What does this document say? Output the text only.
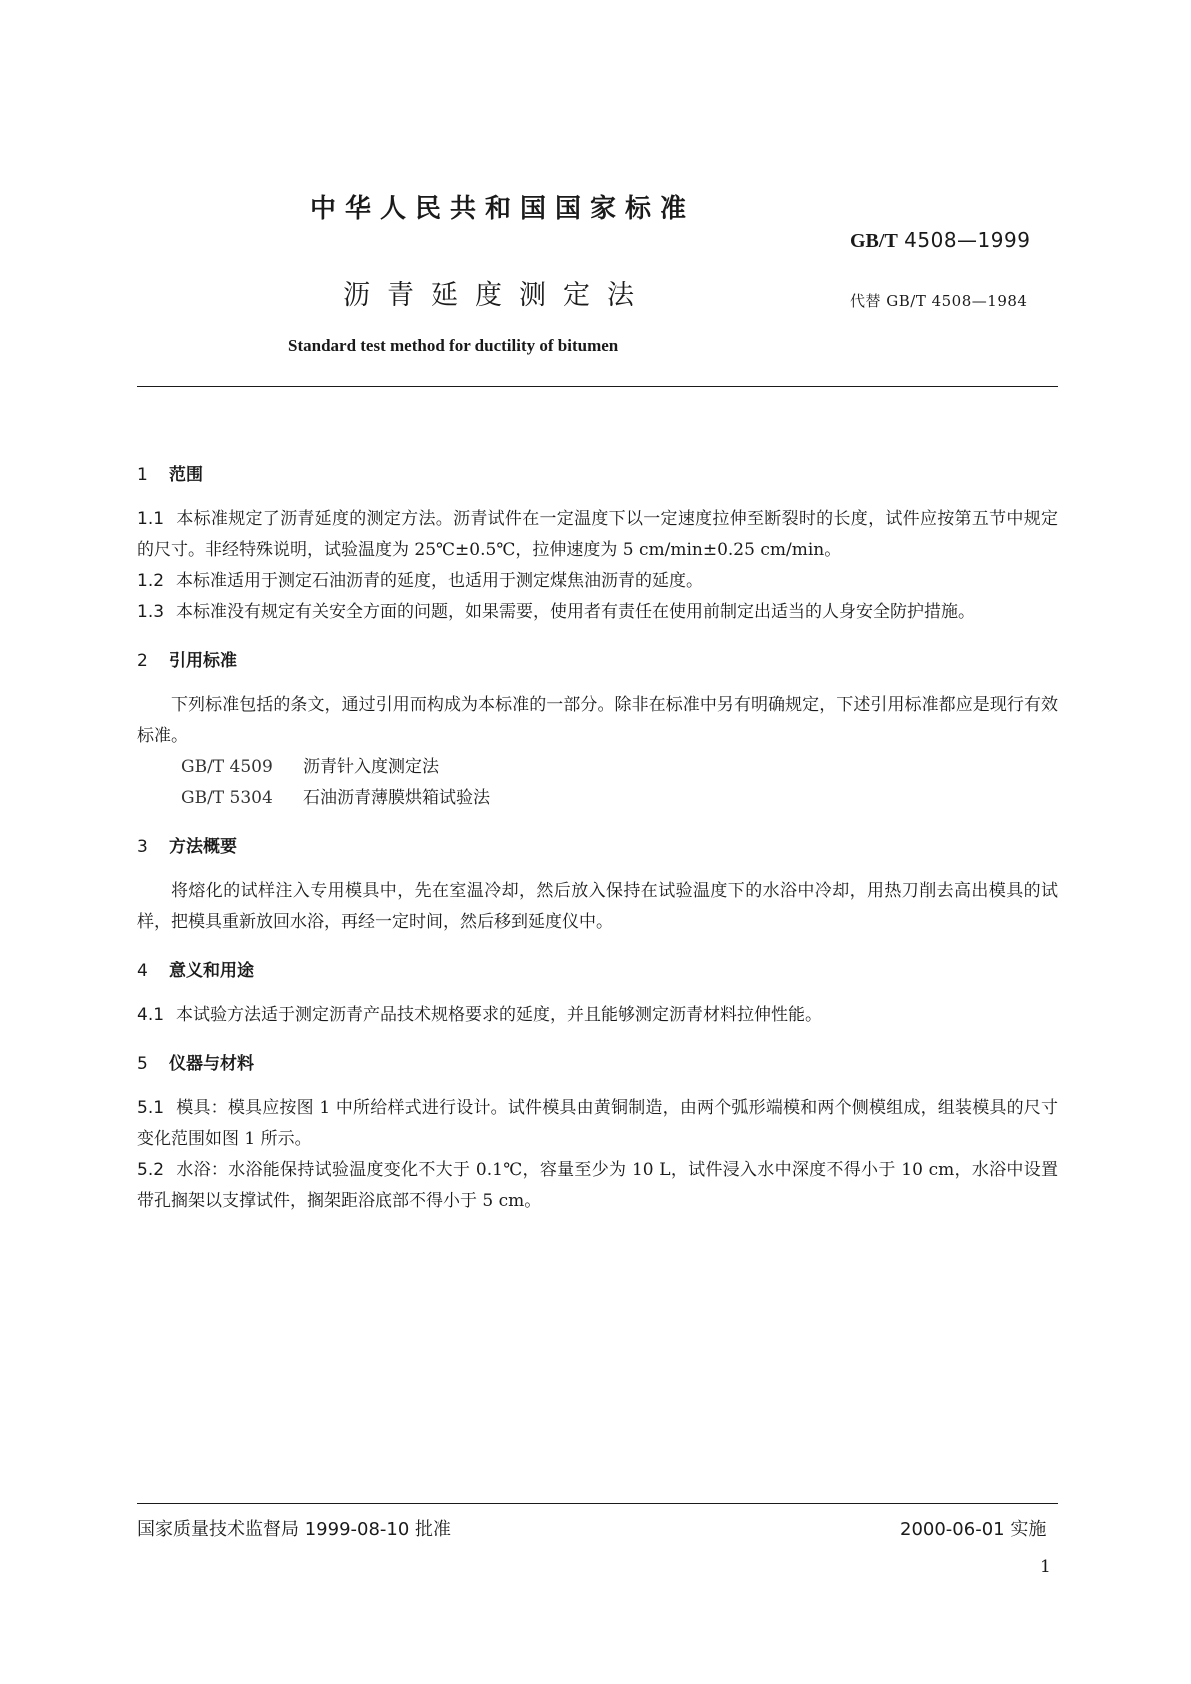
中华人民共和国国家标准
GB/T 4508—1999
沥青延度测定法	代替 GB/T 4508—1984
Standard test method for ductility of bitumen
1 范围

1.1 本标准规定了沥青延度的测定方法。沥青试件在一定温度下以一定速度拉伸至断裂时的长度，试件应按第五节中规定的尺寸。非经特殊说明，试验温度为 25℃±0.5℃，拉伸速度为 5 cm/min±0.25 cm/min。

1.2 本标准适用于测定石油沥青的延度，也适用于测定煤焦油沥青的延度。

1.3 本标准没有规定有关安全方面的问题，如果需要，使用者有责任在使用前制定出适当的人身安全防护措施。

2 引用标准

下列标准包括的条文，通过引用而构成为本标准的一部分。除非在标准中另有明确规定，下述引用标准都应是现行有效标准。

GB/T 4509 沥青针入度测定法

GB/T 5304 石油沥青薄膜烘箱试验法

3 方法概要

将熔化的试样注入专用模具中，先在室温冷却，然后放入保持在试验温度下的水浴中冷却，用热刀削去高出模具的试样，把模具重新放回水浴，再经一定时间，然后移到延度仪中。

4 意义和用途

4.1 本试验方法适于测定沥青产品技术规格要求的延度，并且能够测定沥青材料拉伸性能。

5 仪器与材料

5.1 模具：模具应按图 1 中所给样式进行设计。试件模具由黄铜制造，由两个弧形端模和两个侧模组成，组装模具的尺寸变化范围如图 1 所示。

5.2 水浴：水浴能保持试验温度变化不大于 0.1℃，容量至少为 10 L，试件浸入水中深度不得小于 10 cm，水浴中设置带孔搁架以支撑试件，搁架距浴底部不得小于 5 cm。

国家质量技术监督局 1999-08-10 批准	2000-06-01 实施
1
